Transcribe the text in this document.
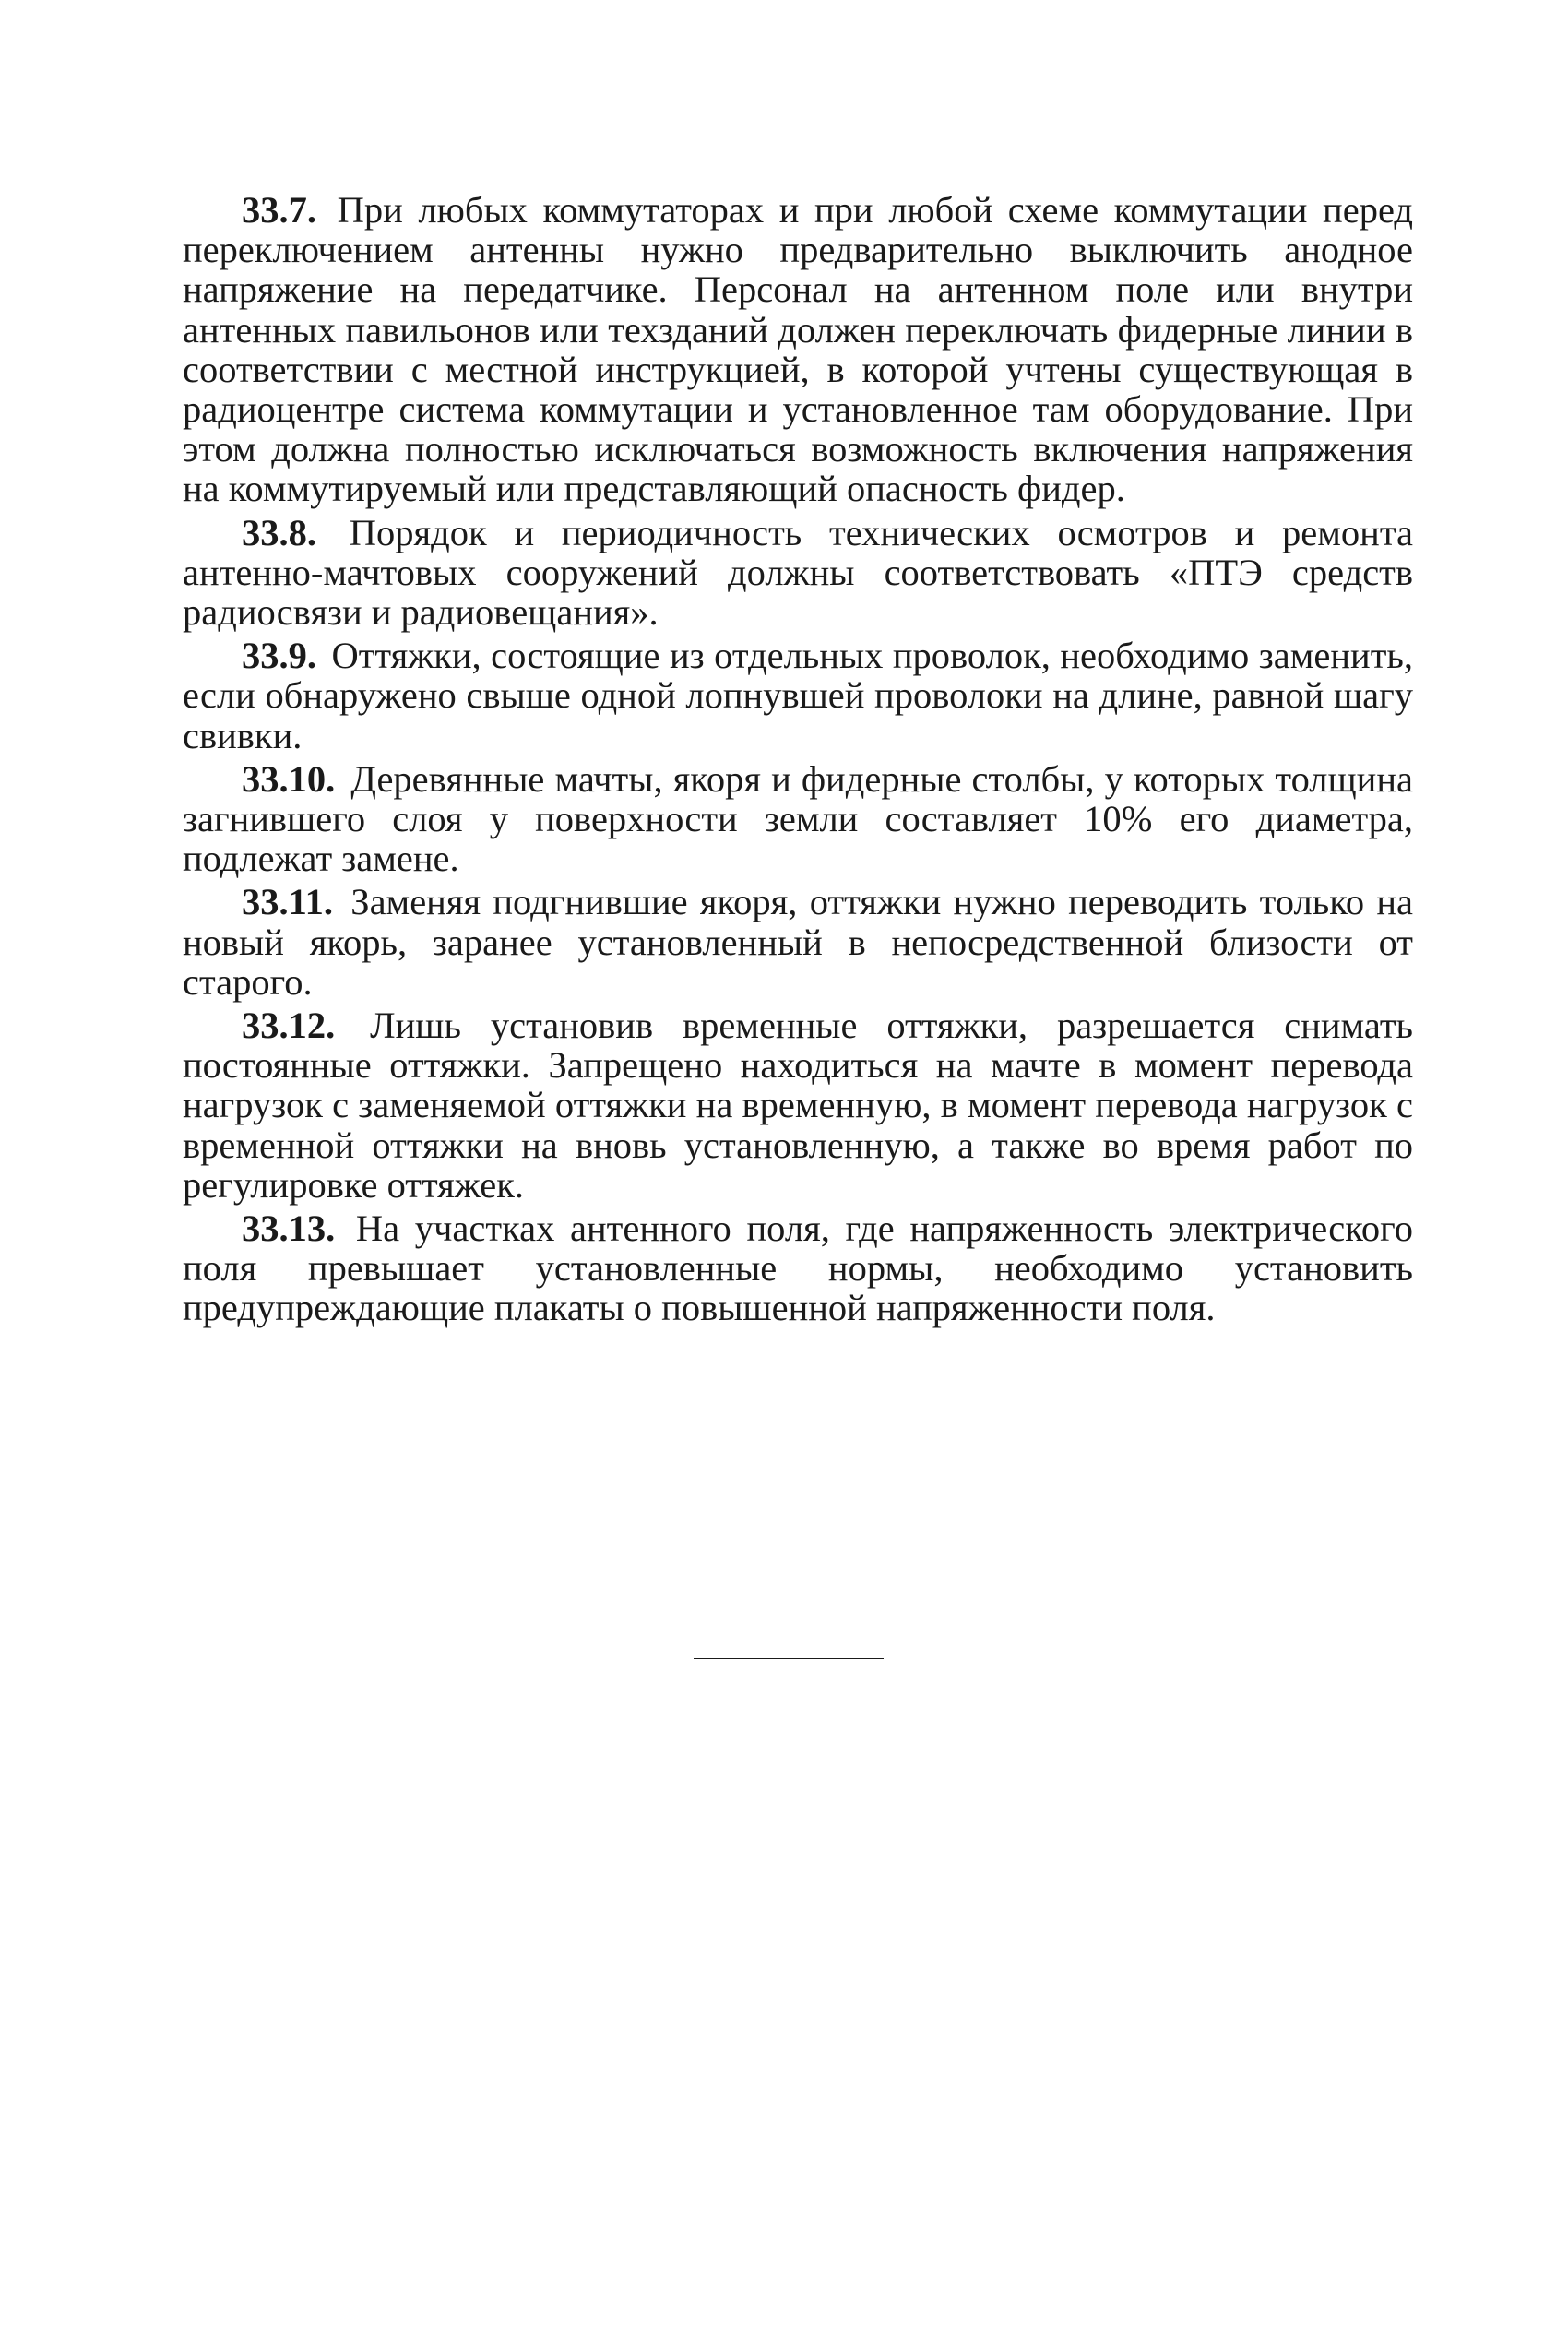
33.7. При любых коммутаторах и при любой схеме коммутации перед переключением антенны нужно предварительно выключить анодное напряжение на передатчике. Персонал на антенном поле или внутри антенных павильонов или техзданий должен переключать фидерные линии в соответствии с местной инструкцией, в которой учтены существующая в радиоцентре система коммутации и установленное там оборудование. При этом должна полностью исключаться возможность включения напряжения на коммутируемый или представляющий опасность фидер.

33.8. Порядок и периодичность технических осмотров и ремонта антенно-мачтовых сооружений должны соответствовать «ПТЭ средств радиосвязи и радиовещания».

33.9. Оттяжки, состоящие из отдельных проволок, необходимо заменить, если обнаружено свыше одной лопнувшей проволоки на длине, равной шагу свивки.

33.10. Деревянные мачты, якоря и фидерные столбы, у которых толщина загнившего слоя у поверхности земли составляет 10% его диаметра, подлежат замене.

33.11. Заменяя подгнившие якоря, оттяжки нужно переводить только на новый якорь, заранее установленный в непосредственной близости от старого.

33.12. Лишь установив временные оттяжки, разрешается снимать постоянные оттяжки. Запрещено находиться на мачте в момент перевода нагрузок с заменяемой оттяжки на временную, в момент перевода нагрузок с временной оттяжки на вновь установленную, а также во время работ по регулировке оттяжек.

33.13. На участках антенного поля, где напряженность электрического поля превышает установленные нормы, необходимо установить предупреждающие плакаты о повышенной напряженности поля.
